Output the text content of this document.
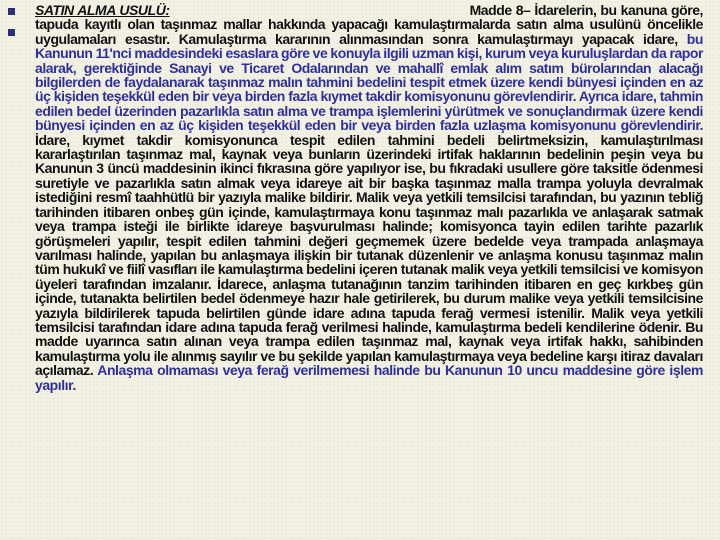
SATIN ALMA USULÜ:	Madde 8– İdarelerin, bu kanuna göre, tapuda kayıtlı olan taşınmaz mallar hakkında yapacağı kamulaştırmalarda satın alma usulünü öncelikle uygulamaları esastır. Kamulaştırma kararının alınmasından sonra kamulaştırmayı yapacak idare, bu Kanunun 11'nci maddesindeki esaslara göre ve konuyla ilgili uzman kişi, kurum veya kuruluşlardan da rapor alarak, gerektiğinde Sanayi ve Ticaret Odalarından ve mahallî emlak alım satım bürolarından alacağı bilgilerden de faydalanarak taşınmaz malın tahmini bedelini tespit etmek üzere kendi bünyesi içinden en az üç kişiden teşekkül eden bir veya birden fazla kıymet takdir komisyonunu görevlendirir. Ayrıca idare, tahmin edilen bedel üzerinden pazarlıkla satın alma ve trampa işlemlerini yürütmek ve sonuçlandırmak üzere kendi bünyesi içinden en az üç kişiden teşekkül eden bir veya birden fazla uzlaşma komisyonunu görevlendirir. İdare, kıymet takdir komisyonunca tespit edilen tahmini bedeli belirtmeksizin, kamulaştırılması kararlaştırılan taşınmaz mal, kaynak veya bunların üzerindeki irtifak haklarının bedelinin peşin veya bu Kanunun 3 üncü maddesinin ikinci fıkrasına göre yapılıyor ise, bu fıkradaki usullere göre taksitle ödenmesi suretiyle ve pazarlıkla satın almak veya idareye ait bir başka taşınmaz malla trampa yoluyla devralmak istediğini resmî taahhütlü bir yazıyla malike bildirir. Malik veya yetkili temsilcisi tarafından, bu yazının tebliğ tarihinden itibaren onbeş gün içinde, kamulaştırmaya konu taşınmaz malı pazarlıkla ve anlaşarak satmak veya trampa isteği ile birlikte idareye başvurulması halinde; komisyonca tayin edilen tarihte pazarlık görüşmeleri yapılır, tespit edilen tahmini değeri geçmemek üzere bedelde veya trampada anlaşmaya varılması halinde, yapılan bu anlaşmaya ilişkin bir tutanak düzenlenir ve anlaşma konusu taşınmaz malın tüm hukukî ve fiilî vasıfları ile kamulaştırma bedelini içeren tutanak malik veya yetkili temsilcisi ve komisyon üyeleri tarafından imzalanır. İdarece, anlaşma tutanağının tanzim tarihinden itibaren en geç kırkbeş gün içinde, tutanakta belirtilen bedel ödenmeye hazır hale getirilerek, bu durum malike veya yetkili temsilcisine yazıyla bildirilerek tapuda belirtilen günde idare adına tapuda ferağ vermesi istenilir. Malik veya yetkili temsilcisi tarafından idare adına tapuda ferağ verilmesi halinde, kamulaştırma bedeli kendilerine ödenir. Bu madde uyarınca satın alınan veya trampa edilen taşınmaz mal, kaynak veya irtifak hakkı, sahibinden kamulaştırma yolu ile alınmış sayılır ve bu şekilde yapılan kamulaştırmaya veya bedeline karşı itiraz davaları açılamaz. Anlaşma olmaması veya ferağ verilmemesi halinde bu Kanunun 10 uncu maddesine göre işlem yapılır.
